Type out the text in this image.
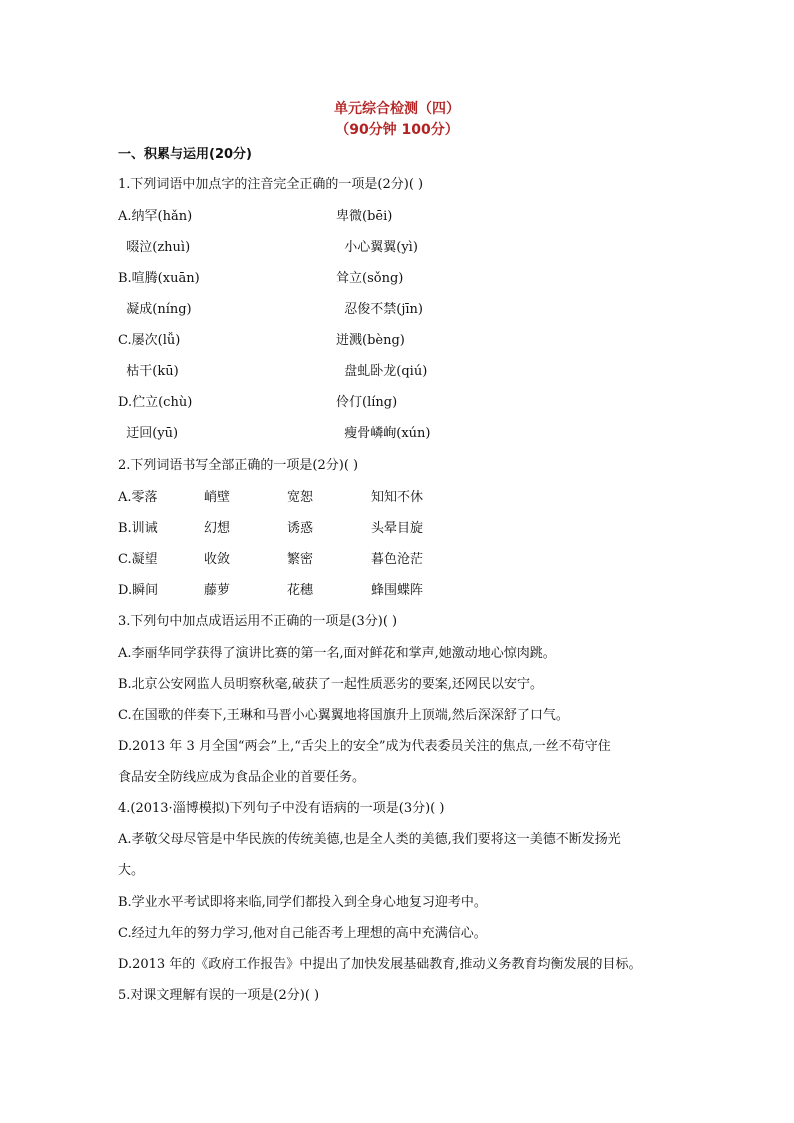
单元综合检测（四）
（90分钟 100分）
一、积累与运用(20分)
1.下列词语中加点字的注音完全正确的一项是(2分)( )
A.纳罕(hǎn)	卑微(bēi)
啜泣(zhuì)	小心翼翼(yì)
B.喧腾(xuān)	耸立(sǒng)
凝成(níng)	忍俊不禁(jīn)
C.屡次(lǚ)	迸溅(bèng)
枯干(kū)	盘虬卧龙(qiú)
D.伫立(chù)	伶仃(líng)
迂回(yū)	瘦骨嶙峋(xún)
2.下列词语书写全部正确的一项是(2分)( )
A.零落	峭壁	宽恕	知知不休
B.训诫	幻想	诱惑	头晕目旋
C.凝望	收敛	繁密	暮色沧茫
D.瞬间	藤萝	花穗	蜂围蝶阵
3.下列句中加点成语运用不正确的一项是(3分)( )
A.李丽华同学获得了演讲比赛的第一名,面对鲜花和掌声,她激动地心惊肉跳。
B.北京公安网监人员明察秋毫,破获了一起性质恶劣的要案,还网民以安宁。
C.在国歌的伴奏下,王琳和马晋小心翼翼地将国旗升上顶端,然后深深舒了口气。
D.2013 年 3 月全国“两会”上,“舌尖上的安全”成为代表委员关注的焦点,一丝不苟守住
食品安全防线应成为食品企业的首要任务。
4.(2013·淄博模拟)下列句子中没有语病的一项是(3分)( )
A.孝敬父母尽管是中华民族的传统美德,也是全人类的美德,我们要将这一美德不断发扬光
大。
B.学业水平考试即将来临,同学们都投入到全身心地复习迎考中。
C.经过九年的努力学习,他对自己能否考上理想的高中充满信心。
D.2013 年的《政府工作报告》中提出了加快发展基础教育,推动义务教育均衡发展的目标。
5.对课文理解有误的一项是(2分)( )
